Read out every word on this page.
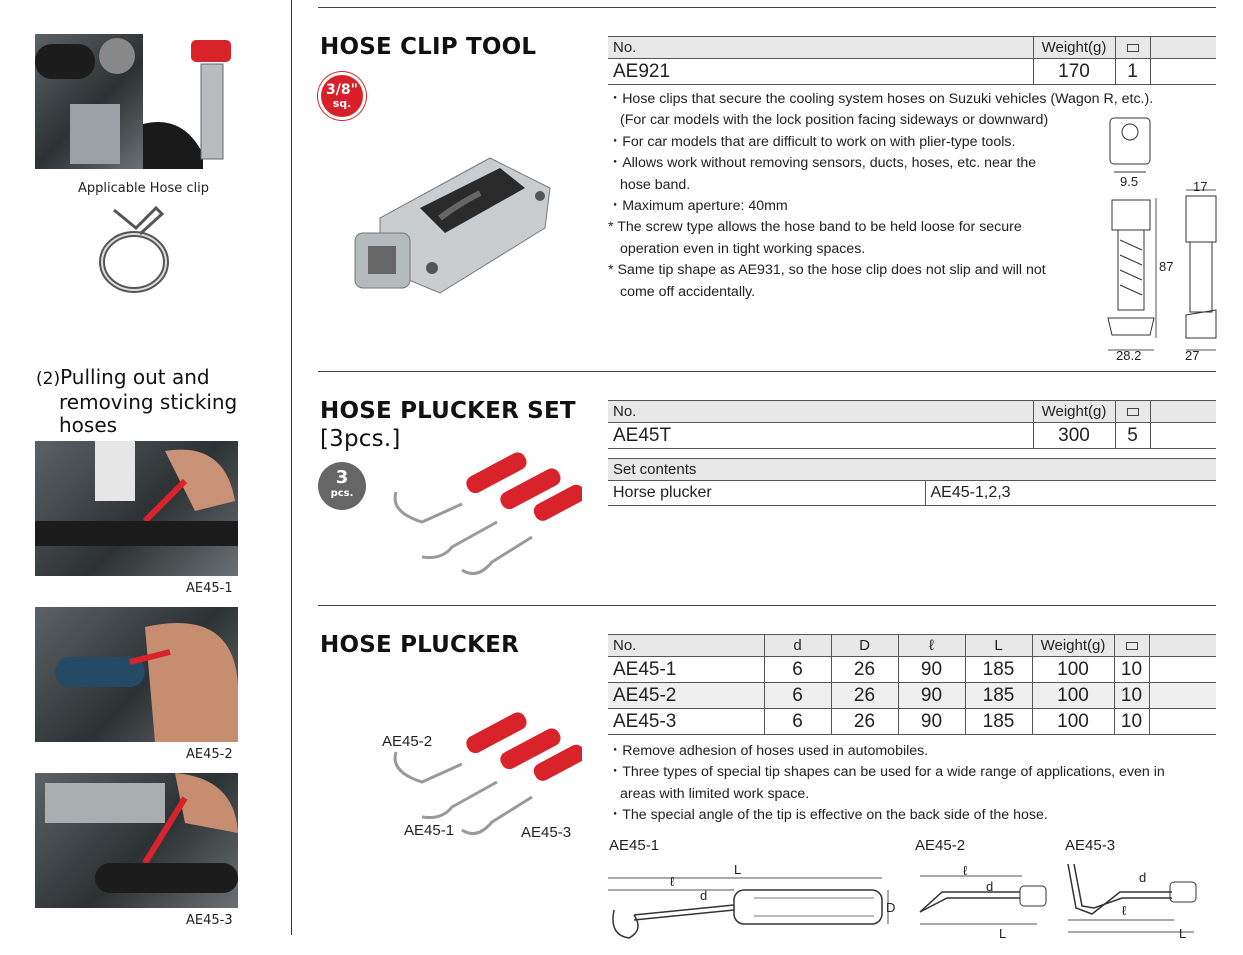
Applicable Hose clip
(2)Pulling out and
removing sticking
hoses
AE45-1
AE45-2
AE45-3
HOSE CLIP TOOL
3/8"
sq.
No.	Weight(g)		
AE921	170	1	
・Hose clips that secure the cooling system hoses on Suzuki vehicles (Wagon R, etc.).
(For car models with the lock position facing sideways or downward)
・For car models that are difficult to work on with plier-type tools.
・Allows work without removing sensors, ducts, hoses, etc. near the
hose band.
・Maximum aperture: 40mm
* The screw type allows the hose band to be held loose for secure
operation even in tight working spaces.
* Same tip shape as AE931, so the hose clip does not slip and will not
come off accidentally.
9.5	17
87
28.2	27
HOSE PLUCKER SET
[3pcs.]
3
pcs.
No.	Weight(g)		
AE45T	300	5	
Set contents
Horse plucker	AE45-1,2,3
HOSE PLUCKER
AE45-2
AE45-1	AE45-3
No.	d	D	ℓ	L	Weight(g)		
AE45-1	6	26	90	185	100	10	
AE45-2	6	26	90	185	100	10	
AE45-3	6	26	90	185	100	10	
・Remove adhesion of hoses used in automobiles.
・Three types of special tip shapes can be used for a wide range of applications, even in
areas with limited work space.
・The special angle of the tip is effective on the back side of the hose.
AE45-1	AE45-2	AE45-3
L
ℓ
d
D
ℓ
d
L
d
ℓ
L
